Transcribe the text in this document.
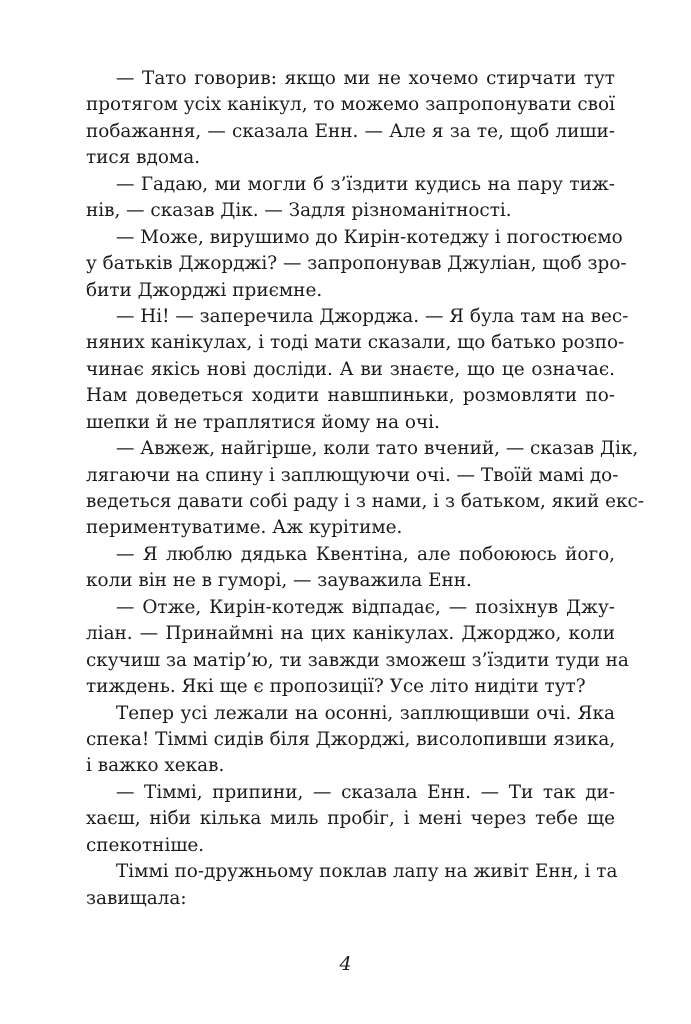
— Тато говорив: якщо ми не хочемо стирчати тут
протягом усіх канікул, то можемо запропонувати свої
побажання, — сказала Енн. — Але я за те, щоб лиши-
тися вдома.
— Гадаю, ми могли б з’їздити кудись на пару тиж-
нів, — сказав Дік. — Задля різноманітності.
— Може, вирушимо до Кирін-котеджу і погостюємо
у батьків Джорджі? — запропонував Джуліан, щоб зро-
бити Джорджі приємне.
— Ні! — заперечила Джорджа. — Я була там на вес-
няних канікулах, і тоді мати сказали, що батько розпо-
чинає якісь нові досліди. А ви знаєте, що це означає.
Нам доведеться ходити навшпиньки, розмовляти по-
шепки й не траплятися йому на очі.
— Авжеж, найгірше, коли тато вчений, — сказав Дік,
лягаючи на спину і заплющуючи очі. — Твоїй мамі до-
ведеться давати собі раду і з нами, і з батьком, який екс-
периментуватиме. Аж курітиме.
— Я люблю дядька Квентіна, але побоююсь його,
коли він не в гуморі, — зауважила Енн.
— Отже, Кирін-котедж відпадає, — позіхнув Джу-
ліан. — Принаймні на цих канікулах. Джорджо, коли
скучиш за матір’ю, ти завжди зможеш з’їздити туди на
тиждень. Які ще є пропозиції? Усе літо нидіти тут?
Тепер усі лежали на осонні, заплющивши очі. Яка
спека! Тіммі сидів біля Джорджі, висолопивши язика,
і важко хекав.
— Тіммі, припини, — сказала Енн. — Ти так ди-
хаєш, ніби кілька миль пробіг, і мені через тебе ще
спекотніше.
Тіммі по-дружньому поклав лапу на живіт Енн, і та
завищала:
4
